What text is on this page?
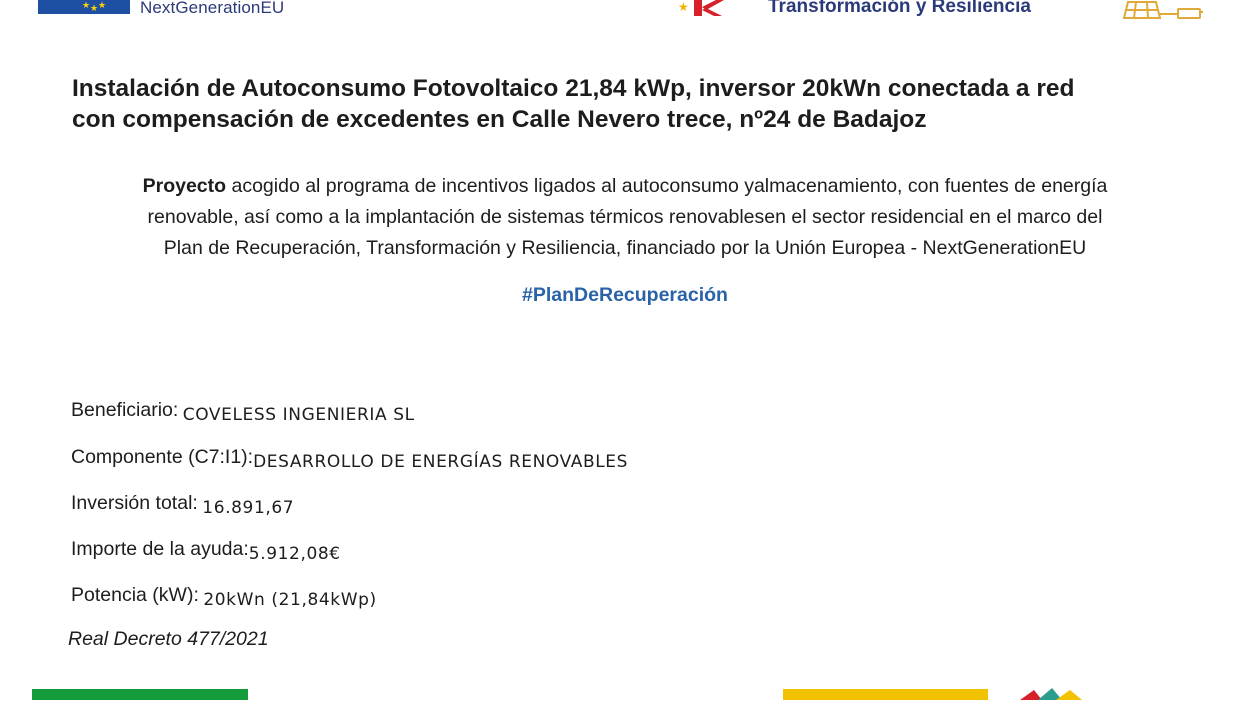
★ ★
★ NextGenerationEU	★	Transformación y Resiliencia
Instalación de Autoconsumo Fotovoltaico 21,84 kWp, inversor 20kWn conectada a red
con compensación de excedentes en Calle Nevero trece, nº24 de Badajoz
Proyecto acogido al programa de incentivos ligados al autoconsumo yalmacenamiento, con fuentes de energía
renovable, así como a la implantación de sistemas térmicos renovablesen el sector residencial en el marco del
Plan de Recuperación, Transformación y Resiliencia, financiado por la Unión Europea - NextGenerationEU
#PlanDeRecuperación
Beneficiario: COVELESS INGENIERIA SL
Componente (C7:I1):DESARROLLO DE ENERGÍAS RENOVABLES
Inversión total: 16.891,67
Importe de la ayuda:5.912,08€
Potencia (kW): 20kWn (21,84kWp)
Real Decreto 477/2021
